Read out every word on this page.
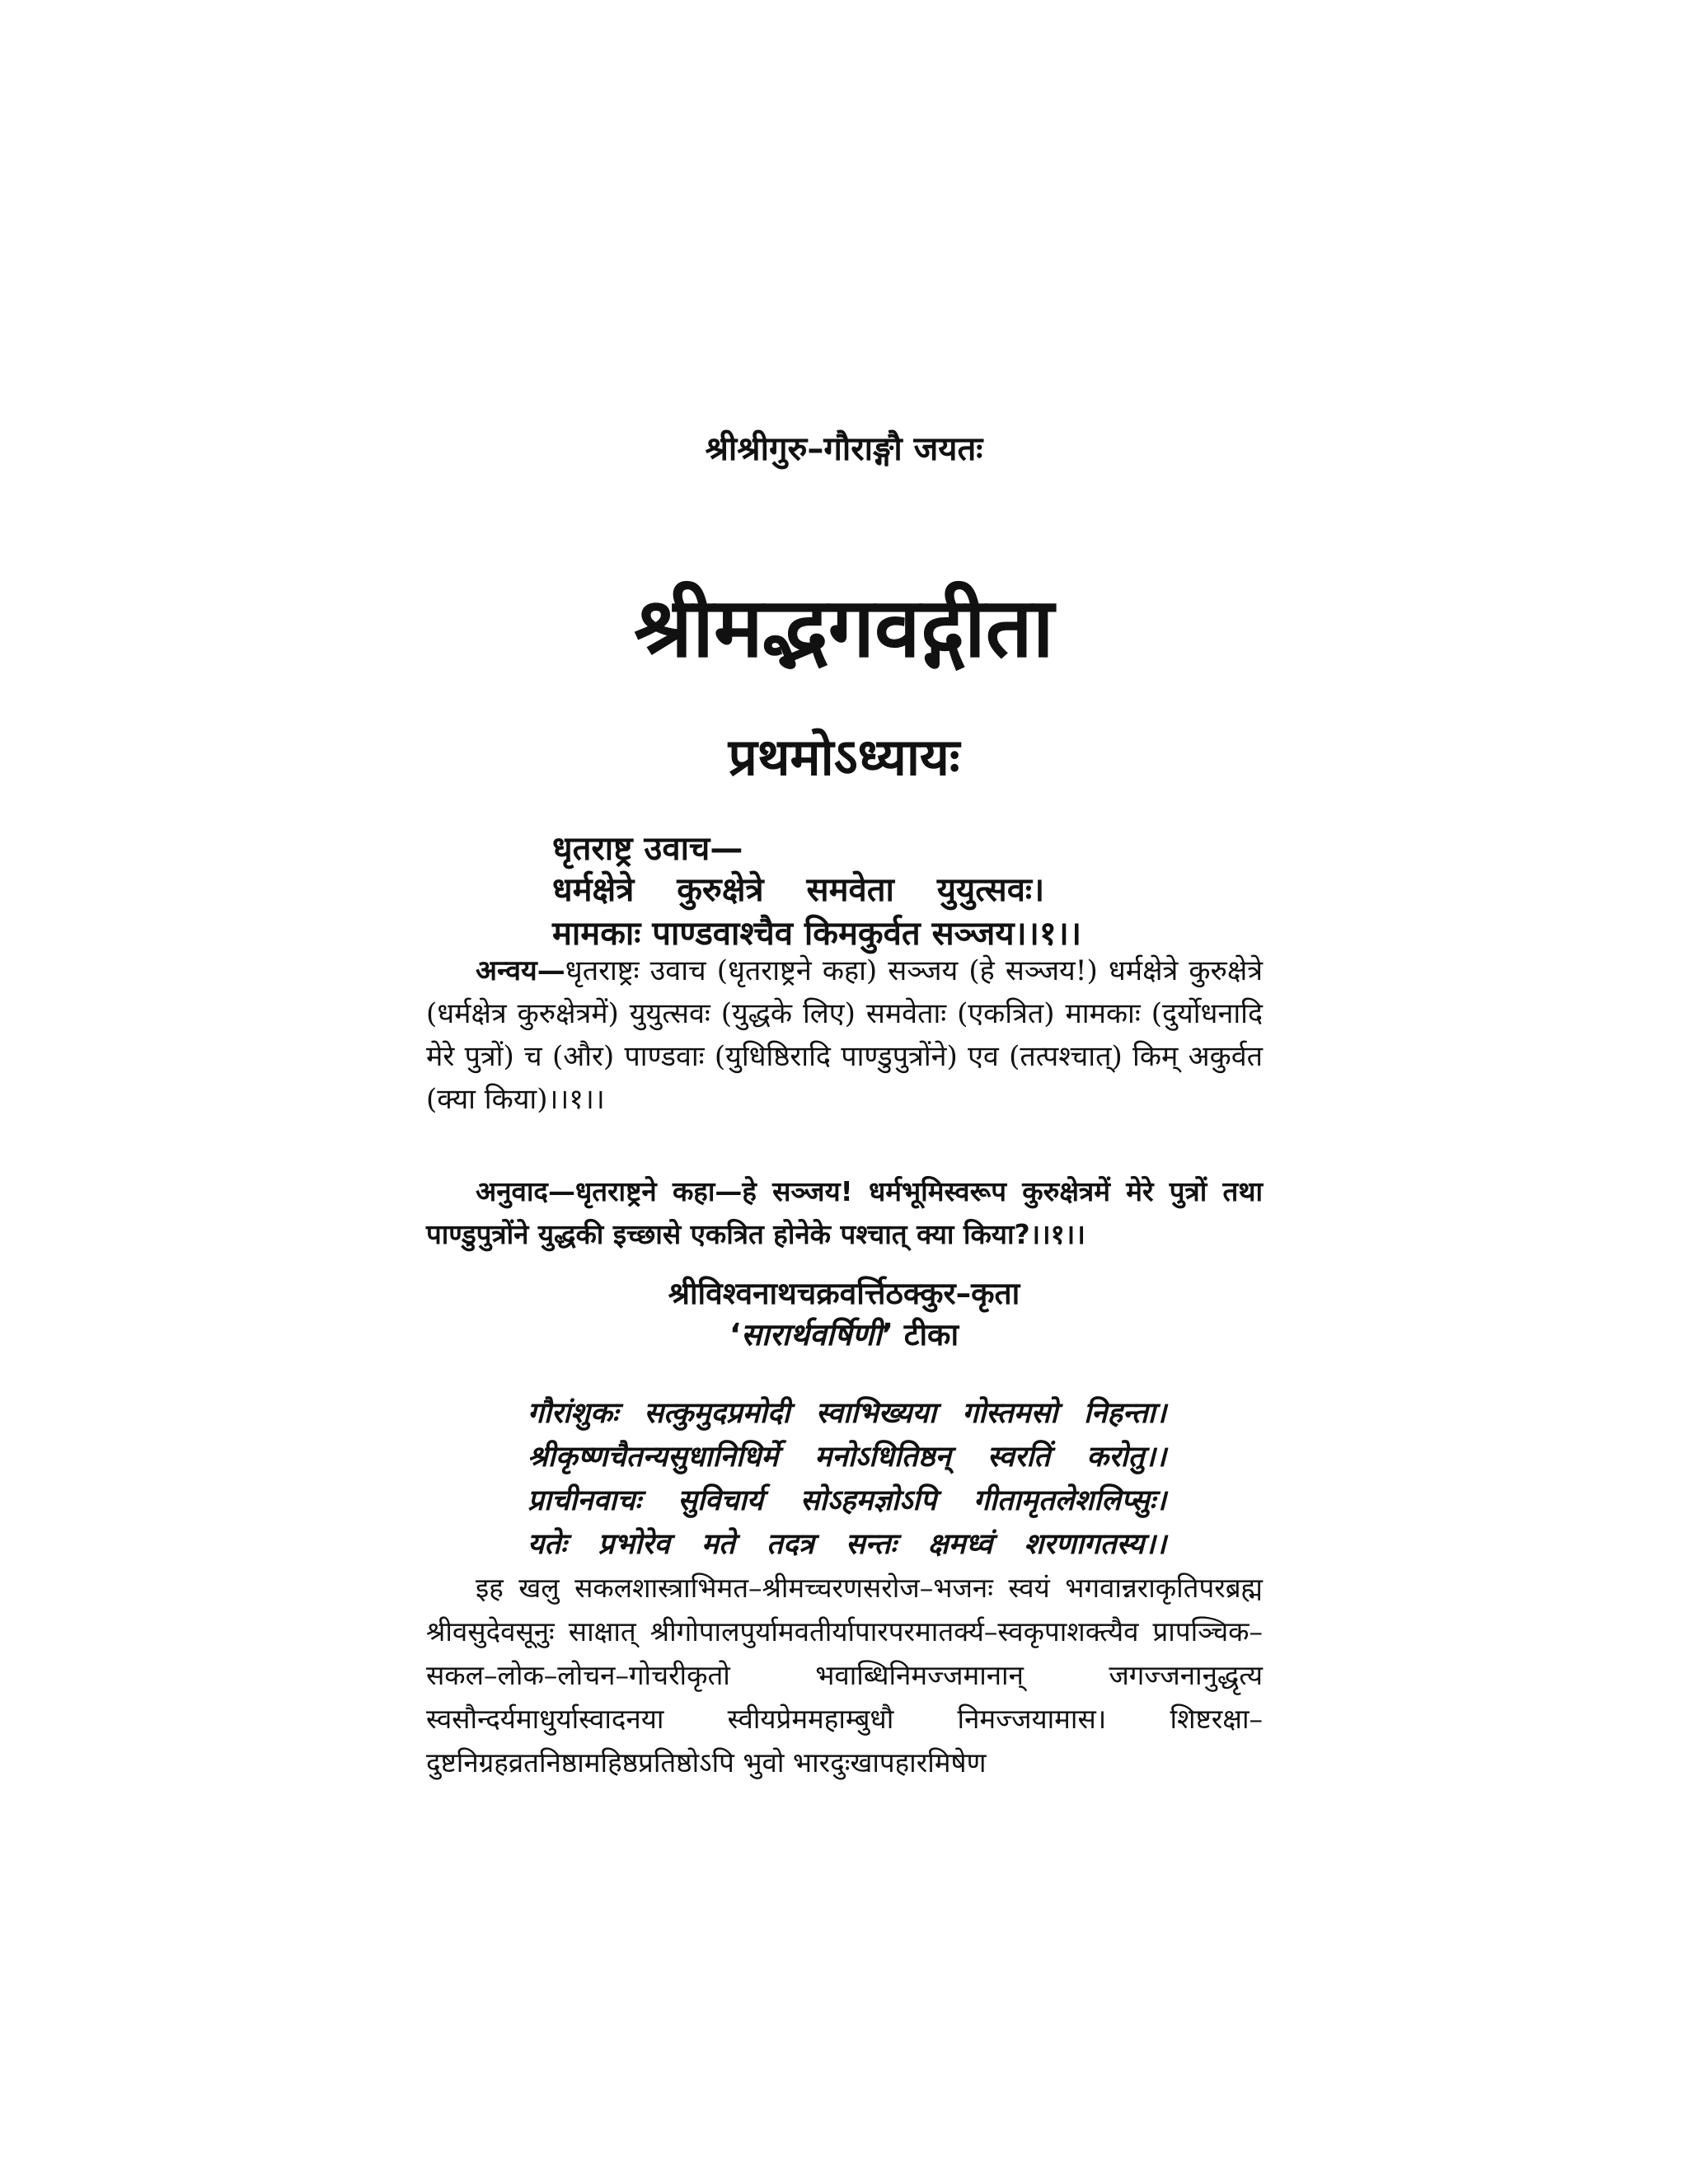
श्रीश्रीगुरु–गौराङ्गौ जयतः
श्रीमद्भगवद्गीता
प्रथमोऽध्यायः
धृतराष्ट्र उवाच—
धर्मक्षेत्रे कुरुक्षेत्रे समवेता युयुत्सवः।
मामकाः पाण्डवाश्चैव किमकुर्वत सञ्जय।।१।।
अन्वय—धृतराष्ट्रः उवाच (धृतराष्ट्रने कहा) सञ्जय (हे सञ्जय!) धर्मक्षेत्रे कुरुक्षेत्रे (धर्मक्षेत्र कुरुक्षेत्रमें) युयुत्सवः (युद्धके लिए) समवेताः (एकत्रित) मामकाः (दुर्योधनादि मेरे पुत्रों) च (और) पाण्डवाः (युधिष्ठिरादि पाण्डुपुत्रोंने) एव (तत्पश्चात्) किम् अकुर्वत (क्या किया)।।१।।
अनुवाद—धृतराष्ट्रने कहा—हे सञ्जय! धर्मभूमिस्वरूप कुरुक्षेत्रमें मेरे पुत्रों तथा पाण्डुपुत्रोंने युद्धकी इच्छासे एकत्रित होनेके पश्चात् क्या किया?।।१।।
श्रीविश्वनाथचक्रवर्त्तिठक्कुर–कृता
‘सारार्थवर्षिणी’ टीका
गौरांशुकः सत्कुमुदप्रमोदी स्वाभिख्यया गोस्तमसो निहन्ता।
श्रीकृष्णचैतन्यसुधानिधिर्मे मनोऽधितिष्ठन् स्वरतिं करोतु।।
प्राचीनवाचः सुविचार्य सोऽहमज्ञोऽपि गीतामृतलेशलिप्सुः।
यतेः प्रभोरेव मते तदत्र सन्तः क्षमध्वं शरणागतस्य।।
इह खलु सकलशास्त्राभिमत–श्रीमच्चरणसरोज–भजनः स्वयं भगवान्नराकृतिपरब्रह्म श्रीवसुदेवसूनुः साक्षात् श्रीगोपालपुर्यामवतीर्यापारपरमातर्क्य–स्वकृपाशक्त्यैव प्रापञ्चिक–सकल–लोक–लोचन–गोचरीकृतो भवाब्धिनिमज्जमानान् जगज्जनानुद्धृत्य स्वसौन्दर्यमाधुर्यास्वादनया स्वीयप्रेममहाम्बुधौ निमज्जयामास। शिष्टरक्षा–दुष्टनिग्रहव्रतनिष्ठामहिष्ठप्रतिष्ठोऽपि भुवो भारदुःखापहारमिषेण
